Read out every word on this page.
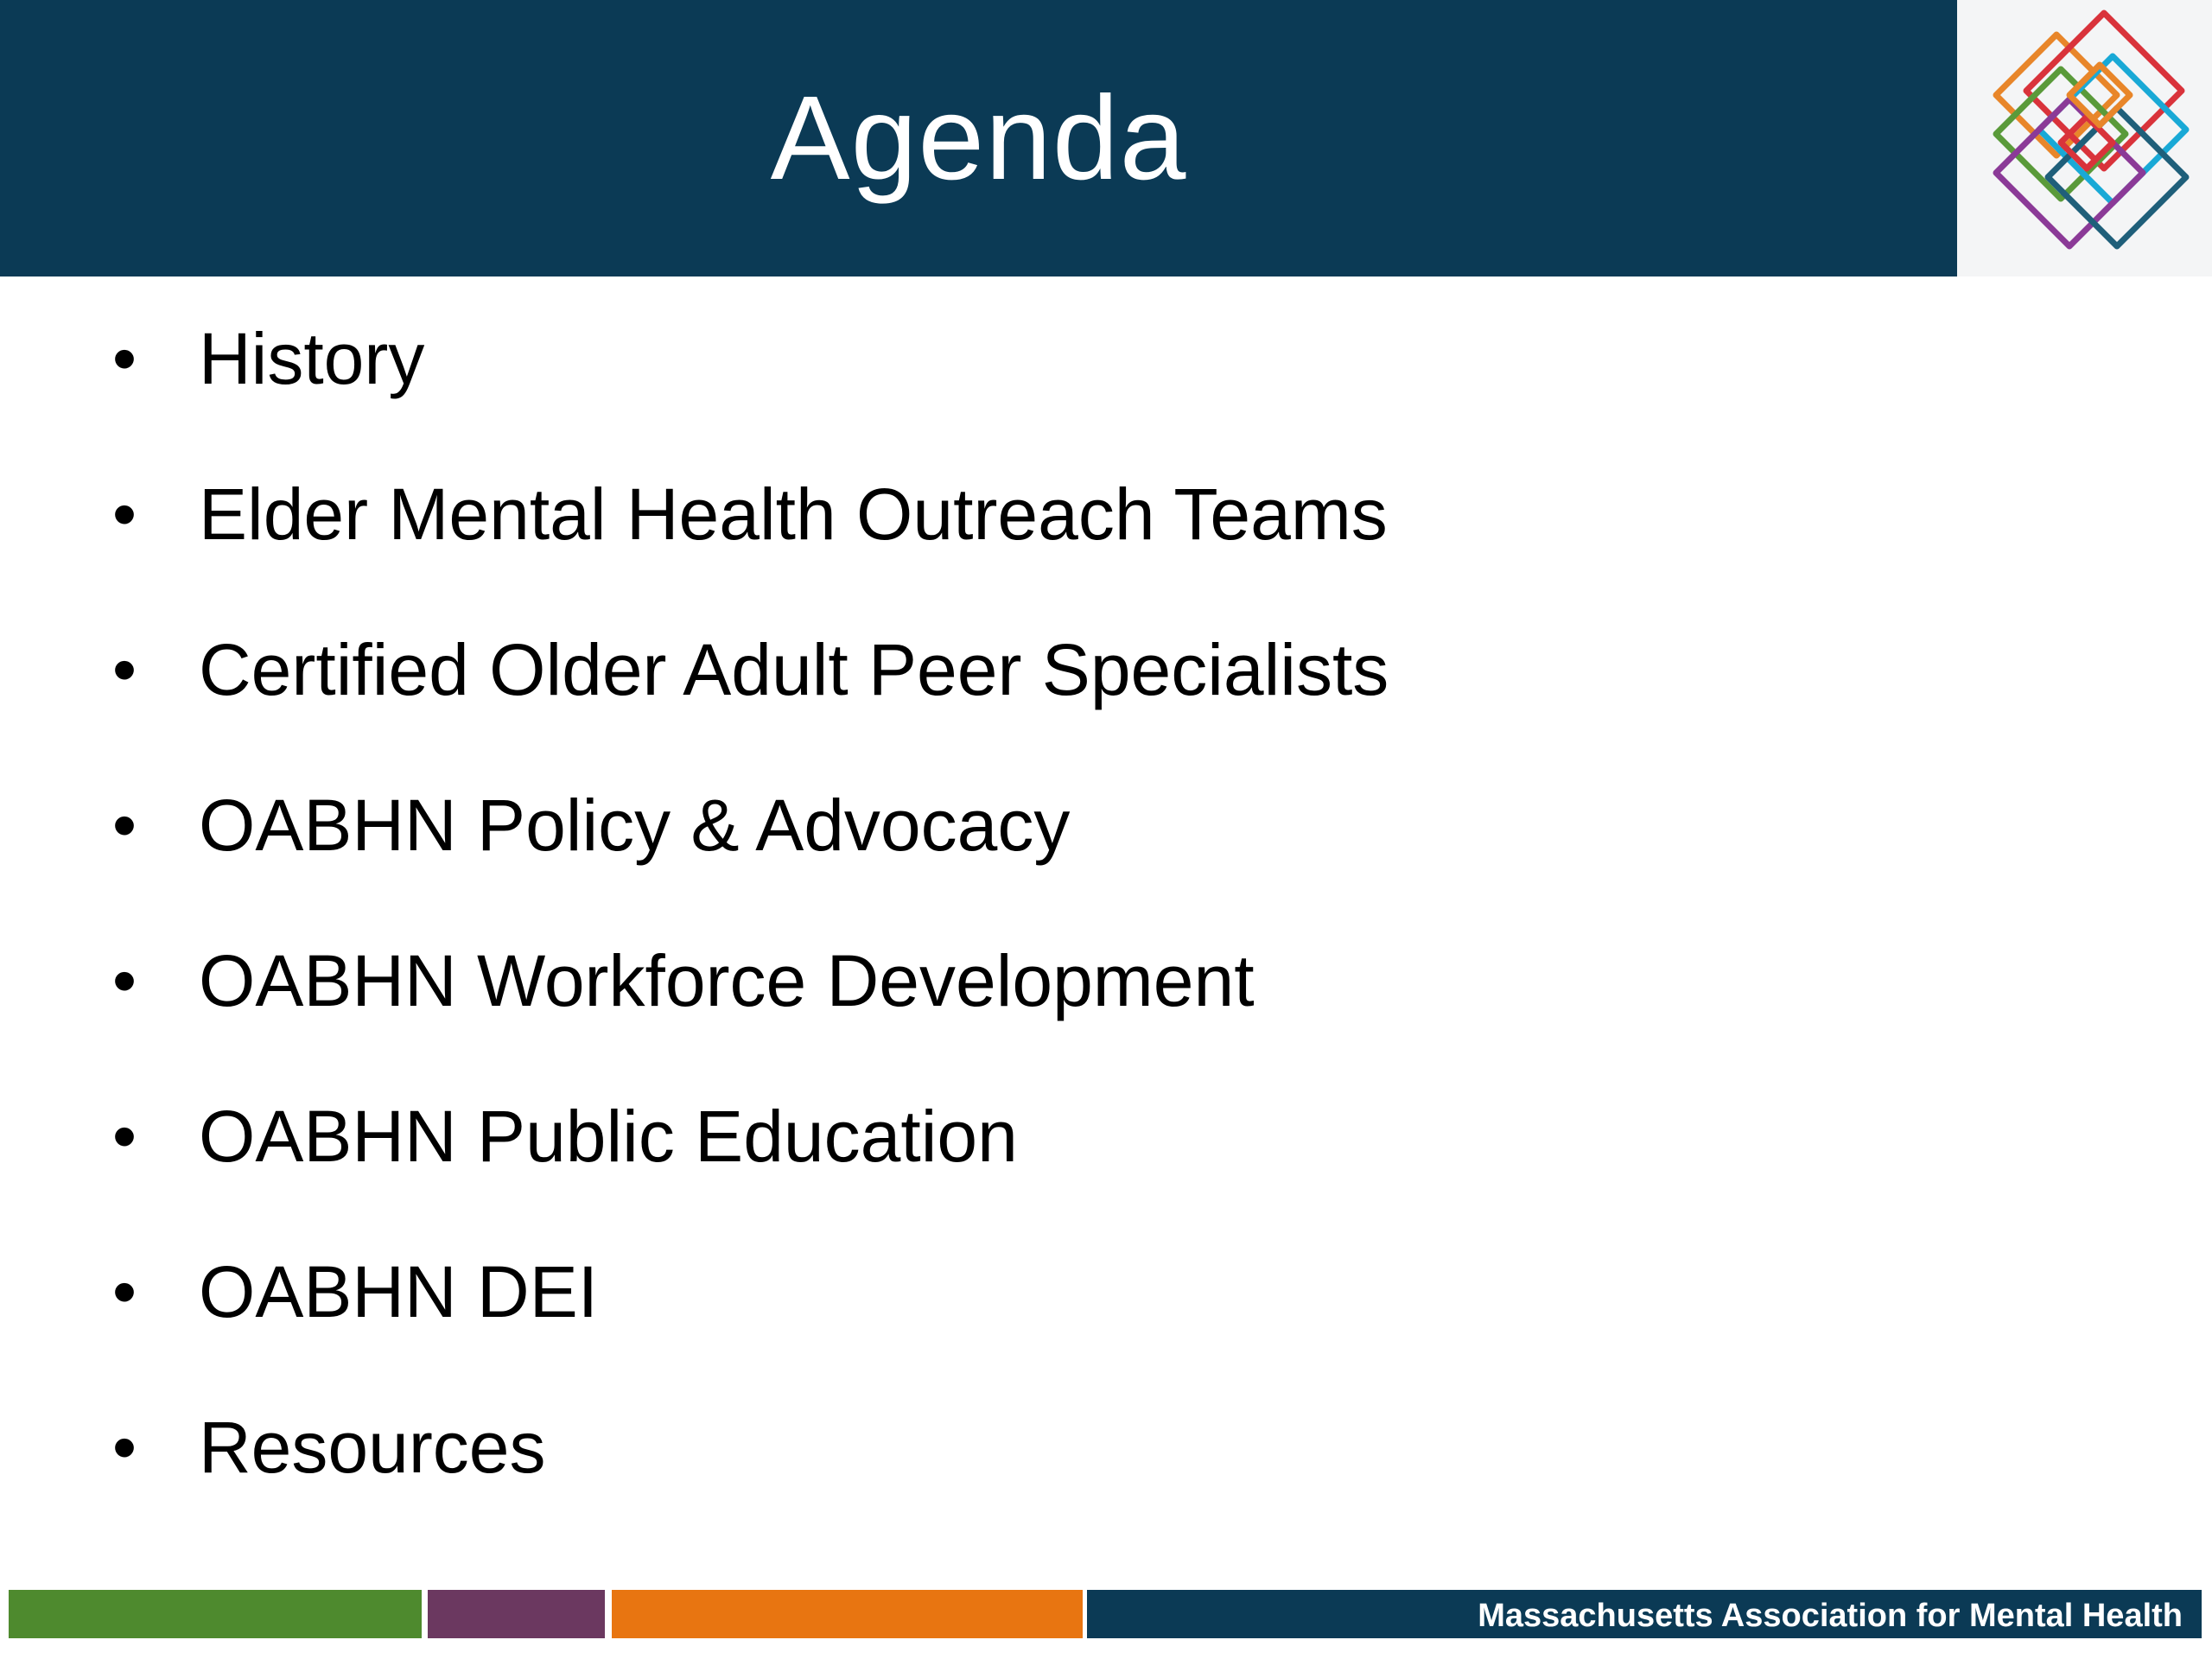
Agenda
• History
• Elder Mental Health Outreach Teams
• Certified Older Adult Peer Specialists
• OABHN Policy & Advocacy
• OABHN Workforce Development
• OABHN Public Education
• OABHN DEI
• Resources
Massachusetts Association for Mental Health
